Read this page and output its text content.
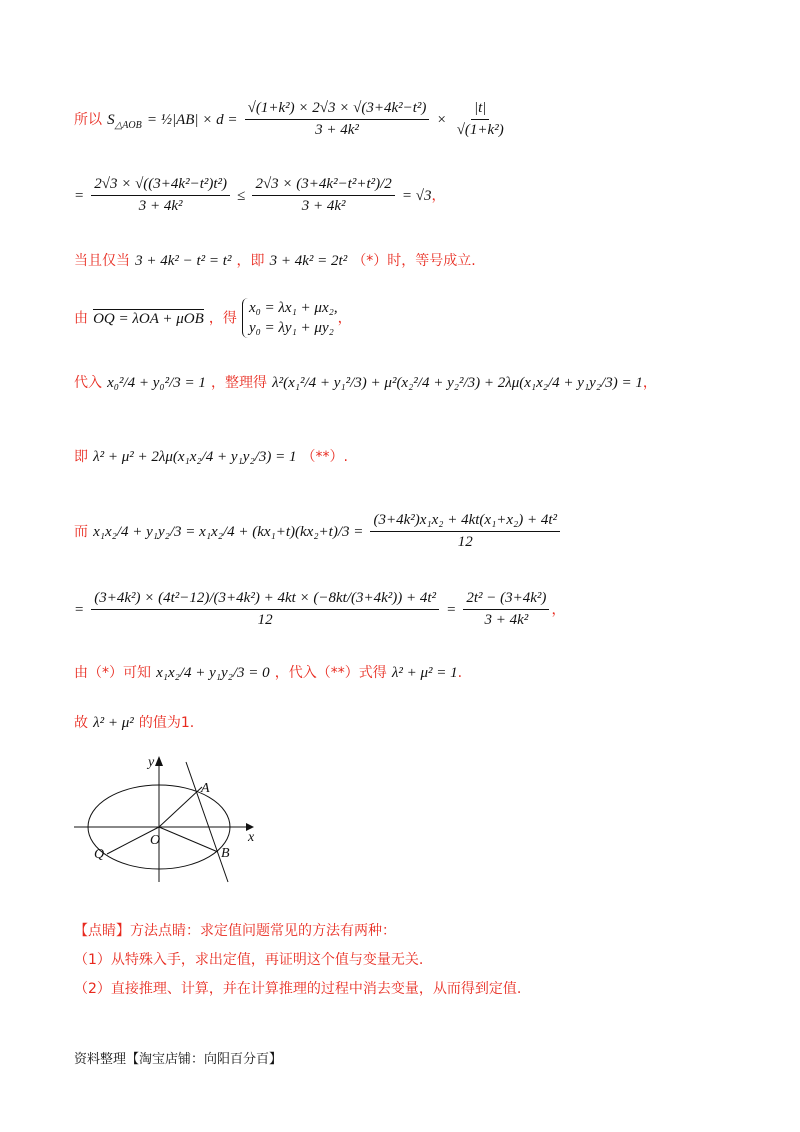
所以 $S_{\triangle AOB}$ = ½|AB| × $d = \frac{\text{√(1+k²) × 2√3 × √(3+4k²−t²)}}{\text{3 + 4k²}} \times \frac{|t|}{\text{√(1+k²)}}$
= $\frac{\text{2√3 × √((3+4k²−t²)t²)}}{\text{3 + 4k²}} \le \frac{\text{2√3 × (3+4k²−t²+t²)/2}}{\text{3 + 4k²}} = √3$，
当且仅当 3 + 4k² − t² = t² ，即 3 + 4k² = 2t² （*）时，等号成立.
由 OQ = λOA + μOB ，得
x₀ = λx₁ + μx₂,
y₀ = λy₁ + μy₂
，
代入 x₀²/4 + y₀²/3 = 1 ，整理得 λ²(x₁²/4 + y₁²/3) + μ²(x₂²/4 + y₂²/3) + 2λμ(x₁x₂/4 + y₁y₂/3) = 1，
即 λ² + μ² + 2λμ(x₁x₂/4 + y₁y₂/3) = 1 （**）.
而 $x_1x_2/4 + y_1y_2/3 = x_1x_2/4 + (kx_1+t)(kx_2+t)/3 = \frac{\text{(3+4k²)x₁x₂ + 4kt(x₁+x₂) + 4t²}}{12}$
= $\frac{\text{(3+4k²) × (4t²−12)/(3+4k²) + 4kt × (−8kt/(3+4k²)) + 4t²}}{12} = \frac{\text{2t² − (3+4k²)}}{\text{3 + 4k²}}$ ，
由（*）可知 x₁x₂/4 + y₁y₂/3 = 0 ，代入（**）式得 λ² + μ² = 1.
故 λ² + μ² 的值为1.
y
x
O
A
B
Q
【点睛】方法点睛：求定值问题常见的方法有两种：
（1）从特殊入手，求出定值，再证明这个值与变量无关.
（2）直接推理、计算，并在计算推理的过程中消去变量，从而得到定值.
资料整理【淘宝店铺：向阳百分百】
